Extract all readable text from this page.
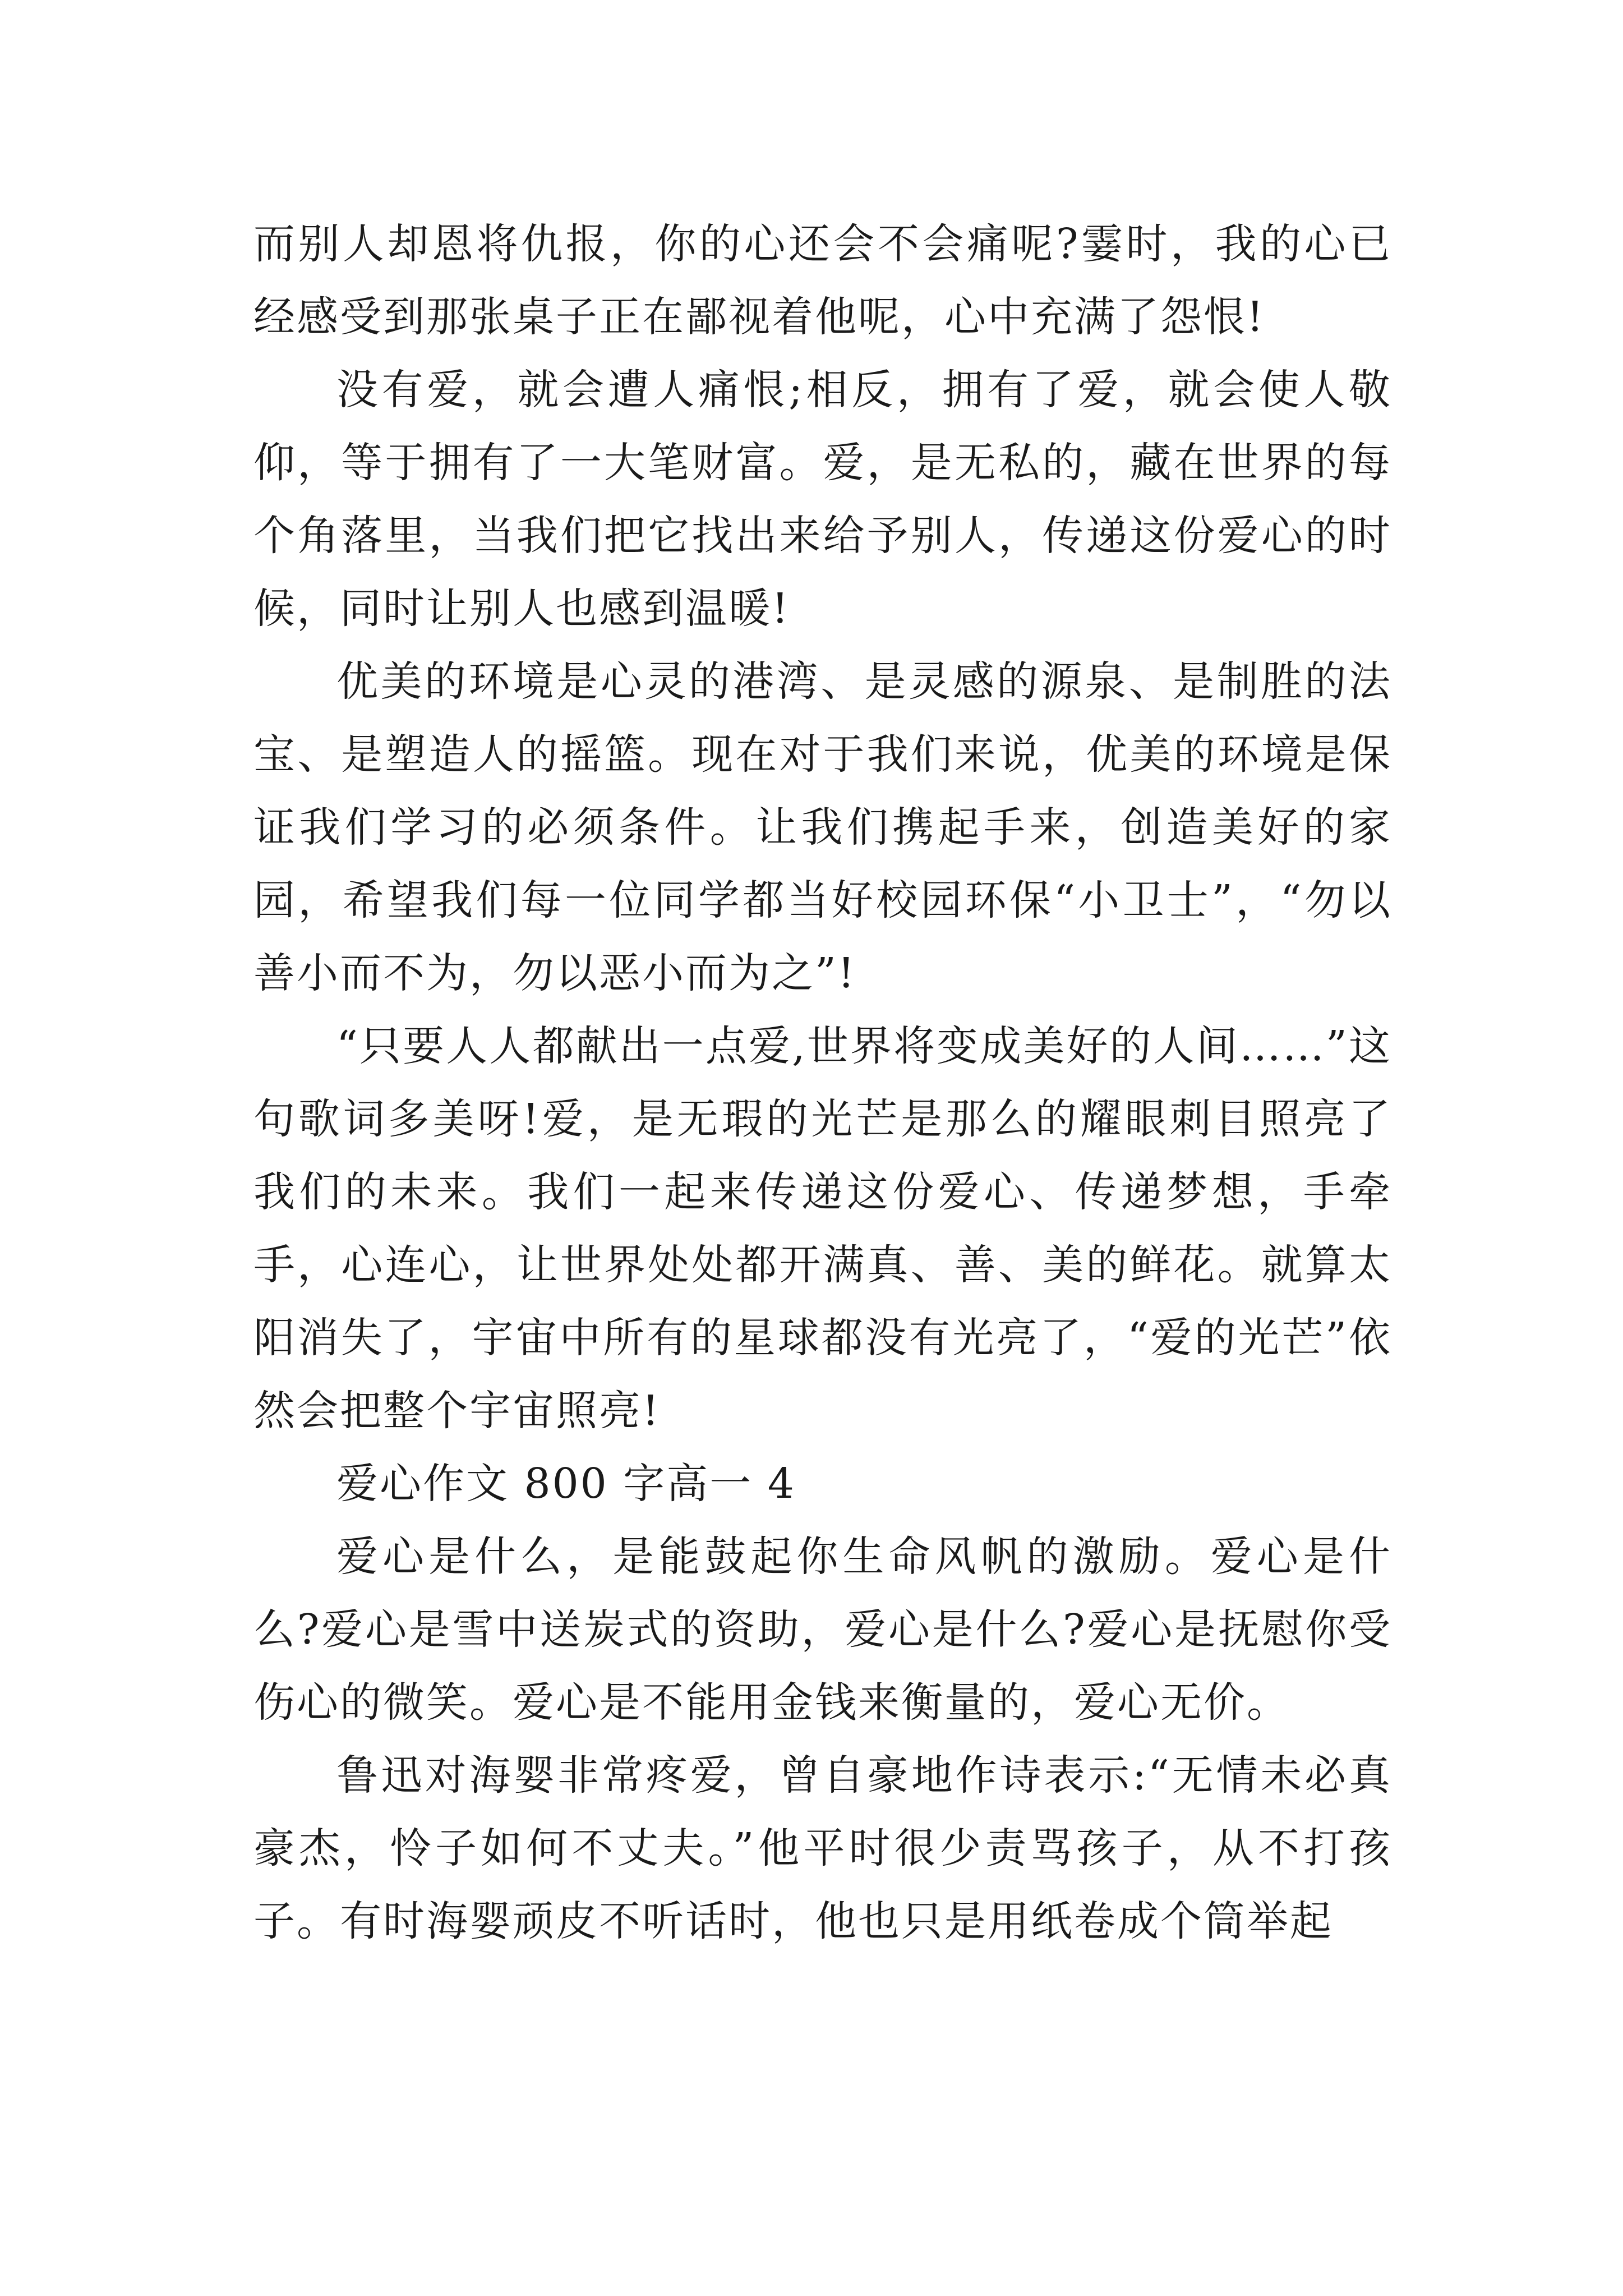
而别人却恩将仇报，你的心还会不会痛呢?霎时，我的心已经感受到那张桌子正在鄙视着他呢，心中充满了怨恨!

没有爱，就会遭人痛恨;相反，拥有了爱，就会使人敬仰，等于拥有了一大笔财富。爱，是无私的，藏在世界的每个角落里，当我们把它找出来给予别人，传递这份爱心的时候，同时让别人也感到温暖!

优美的环境是心灵的港湾、是灵感的源泉、是制胜的法宝、是塑造人的摇篮。现在对于我们来说，优美的环境是保证我们学习的必须条件。让我们携起手来，创造美好的家园，希望我们每一位同学都当好校园环保“小卫士”，“勿以善小而不为，勿以恶小而为之”!

“只要人人都献出一点爱,世界将变成美好的人间……”这句歌词多美呀!爱，是无瑕的光芒是那么的耀眼刺目照亮了我们的未来。我们一起来传递这份爱心、传递梦想，手牵手，心连心，让世界处处都开满真、善、美的鲜花。就算太阳消失了，宇宙中所有的星球都没有光亮了，“爱的光芒”依然会把整个宇宙照亮!

爱心作文 800 字高一 4

爱心是什么，是能鼓起你生命风帆的激励。爱心是什么?爱心是雪中送炭式的资助，爱心是什么?爱心是抚慰你受伤心的微笑。爱心是不能用金钱来衡量的，爱心无价。

鲁迅对海婴非常疼爱，曾自豪地作诗表示:“无情未必真豪杰，怜子如何不丈夫。”他平时很少责骂孩子，从不打孩子。有时海婴顽皮不听话时，他也只是用纸卷成个筒举起
